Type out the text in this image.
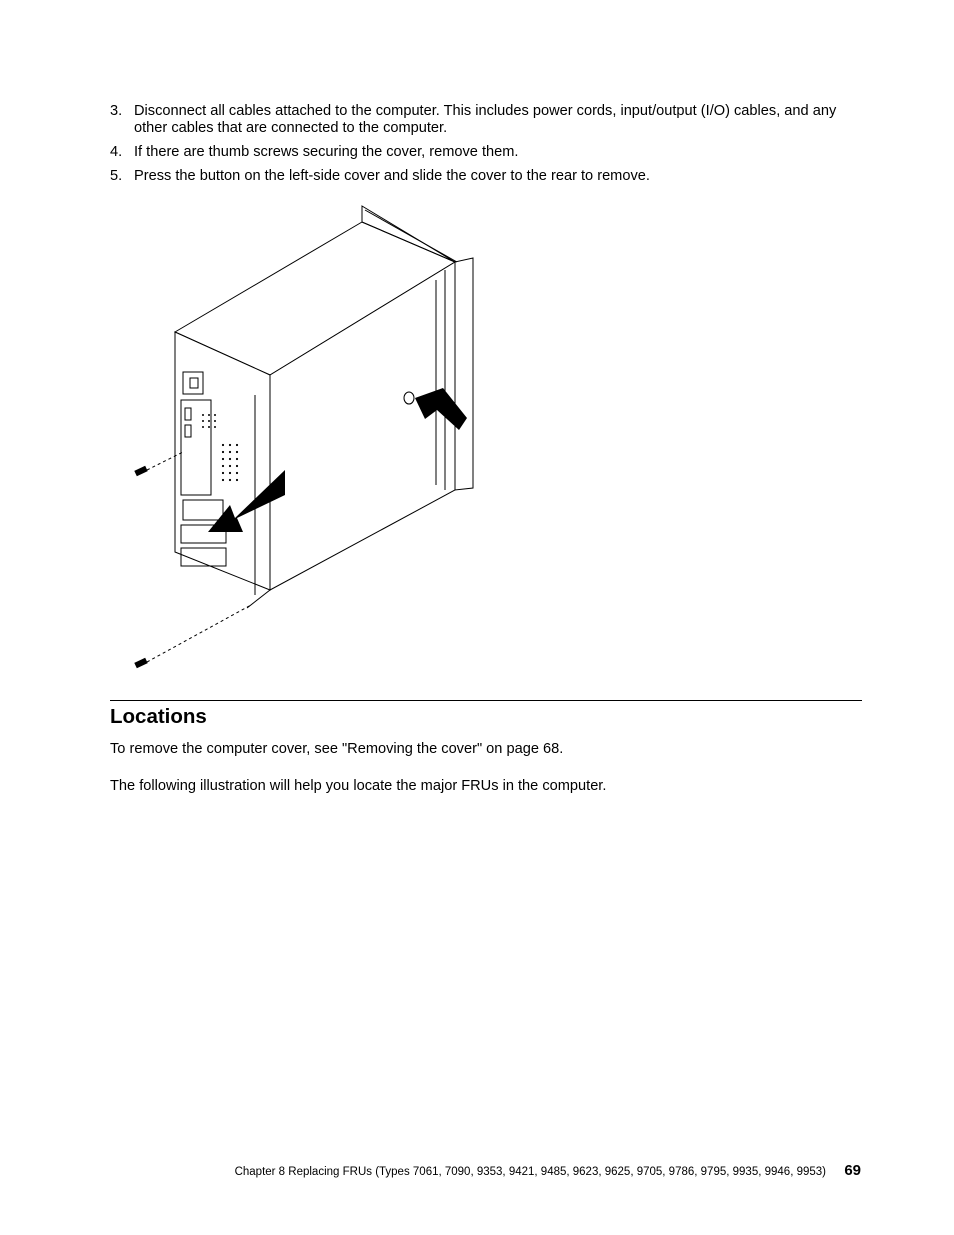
3. Disconnect all cables attached to the computer. This includes power cords, input/output (I/O) cables, and any other cables that are connected to the computer.
4. If there are thumb screws securing the cover, remove them.
5. Press the button on the left-side cover and slide the cover to the rear to remove.
Locations

To remove the computer cover, see "Removing the cover" on page 68.

The following illustration will help you locate the major FRUs in the computer.

Chapter 8 Replacing FRUs (Types 7061, 7090, 9353, 9421, 9485, 9623, 9625, 9705, 9786, 9795, 9935, 9946, 9953) 69
